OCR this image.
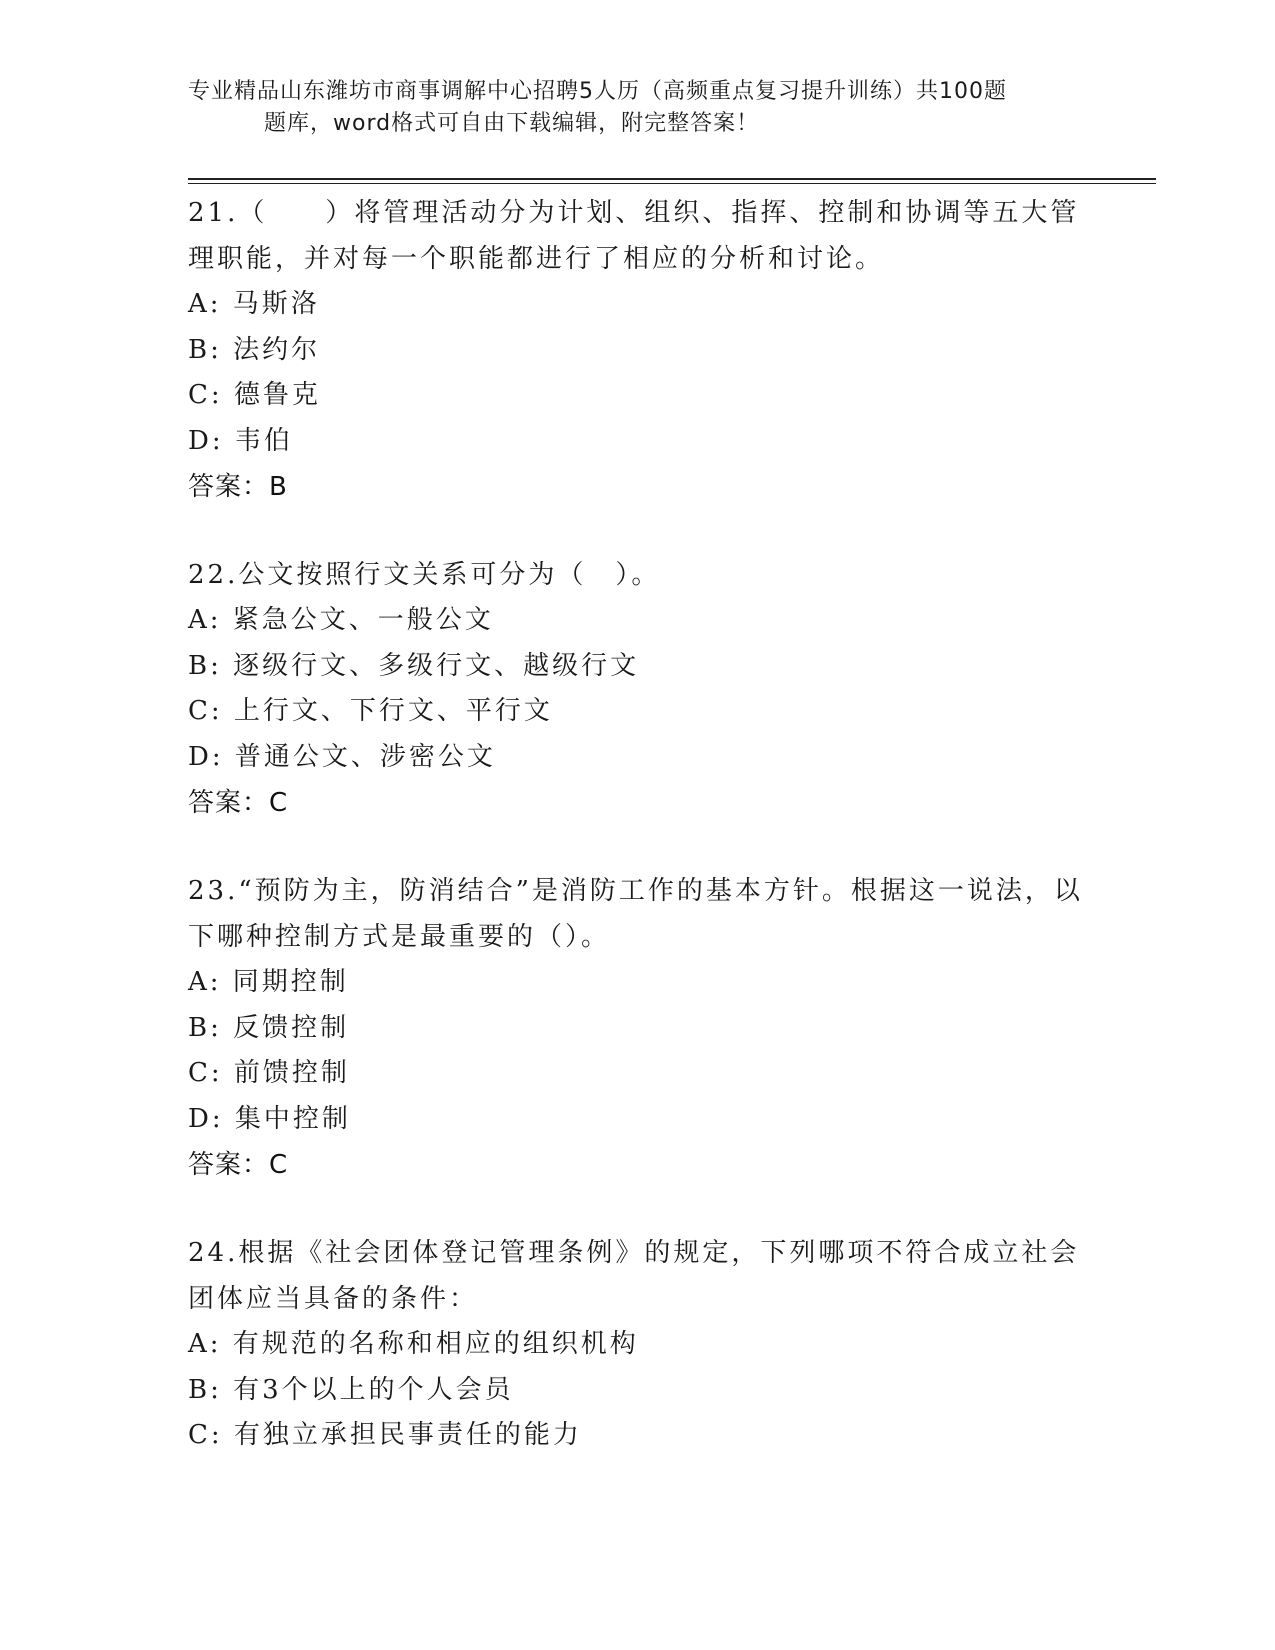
专业精品山东潍坊市商事调解中心招聘5人历（高频重点复习提升训练）共100题
题库，word格式可自由下载编辑，附完整答案！

21.（　　）将管理活动分为计划、组织、指挥、控制和协调等五大管理职能，并对每一个职能都进行了相应的分析和讨论。

A: 马斯洛
B: 法约尔
C: 德鲁克
D: 韦伯
答案：B

22.公文按照行文关系可分为（　）。

A: 紧急公文、一般公文
B: 逐级行文、多级行文、越级行文
C: 上行文、下行文、平行文
D: 普通公文、涉密公文
答案：C

23.“预防为主，防消结合”是消防工作的基本方针。根据这一说法，以下哪种控制方式是最重要的（）。

A: 同期控制
B: 反馈控制
C: 前馈控制
D: 集中控制
答案：C

24.根据《社会团体登记管理条例》的规定，下列哪项不符合成立社会团体应当具备的条件：

A: 有规范的名称和相应的组织机构
B: 有3个以上的个人会员
C: 有独立承担民事责任的能力
